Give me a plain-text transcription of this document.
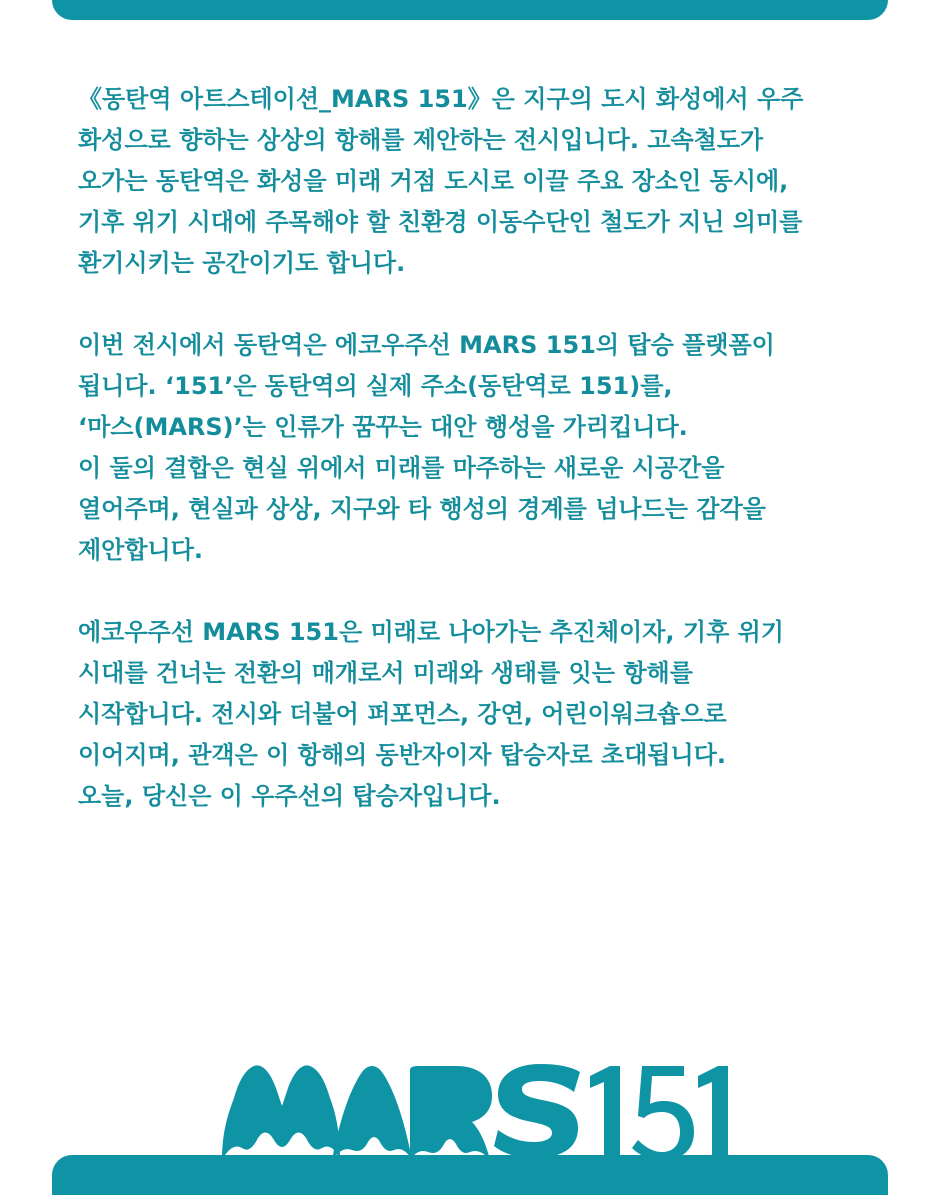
《동탄역 아트스테이션_MARS 151》은 지구의 도시 화성에서 우주
화성으로 향하는 상상의 항해를 제안하는 전시입니다. 고속철도가
오가는 동탄역은 화성을 미래 거점 도시로 이끌 주요 장소인 동시에,
기후 위기 시대에 주목해야 할 친환경 이동수단인 철도가 지닌 의미를
환기시키는 공간이기도 합니다.
이번 전시에서 동탄역은 에코우주선 MARS 151의 탑승 플랫폼이
됩니다. ‘151’은 동탄역의 실제 주소(동탄역로 151)를,
‘마스(MARS)’는 인류가 꿈꾸는 대안 행성을 가리킵니다.
이 둘의 결합은 현실 위에서 미래를 마주하는 새로운 시공간을
열어주며, 현실과 상상, 지구와 타 행성의 경계를 넘나드는 감각을
제안합니다.
에코우주선 MARS 151은 미래로 나아가는 추진체이자, 기후 위기
시대를 건너는 전환의 매개로서 미래와 생태를 잇는 항해를
시작합니다. 전시와 더불어 퍼포먼스, 강연, 어린이워크숍으로
이어지며, 관객은 이 항해의 동반자이자 탑승자로 초대됩니다.
오늘, 당신은 이 우주선의 탑승자입니다.
